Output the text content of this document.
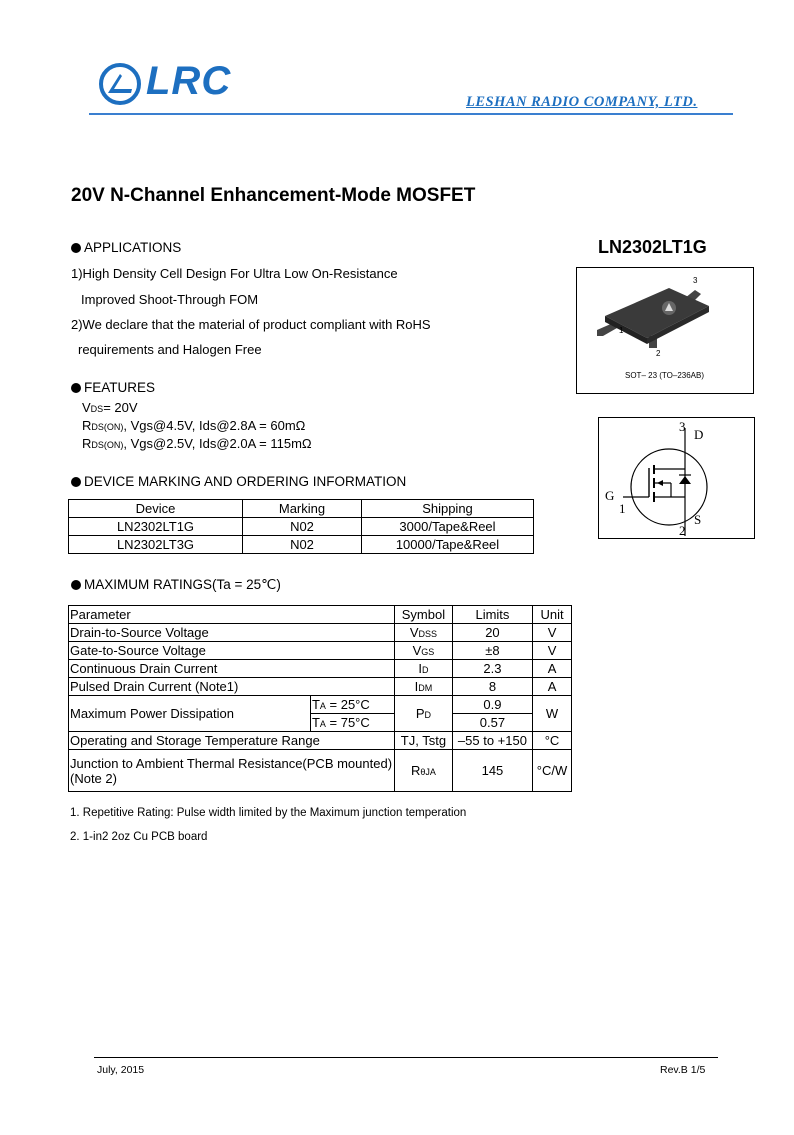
LRC	LESHAN RADIO COMPANY, LTD.
20V N-Channel Enhancement-Mode MOSFET
LN2302LT1G
APPLICATIONS
1)High Density Cell Design For Ultra Low On-Resistance
Improved Shoot-Through FOM
2)We declare that the material of product compliant with RoHS
requirements and Halogen Free
FEATURES
VDS= 20V
RDS(ON), Vgs@4.5V, Ids@2.8A = 60mΩ
RDS(ON), Vgs@2.5V, Ids@2.0A = 115mΩ
3
1
2
SOT– 23 (TO–236AB)
3
D
G
1
S
2
DEVICE MARKING AND ORDERING INFORMATION
Device	Marking	Shipping
LN2302LT1G	N02	3000/Tape&Reel
LN2302LT3G	N02	10000/Tape&Reel
MAXIMUM RATINGS(Ta = 25℃)
Parameter		Symbol	Limits	Unit
Drain-to-Source Voltage		VDSS	20	V
Gate-to-Source Voltage		VGS	±8	V
Continuous Drain Current		ID	2.3	A
Pulsed Drain Current (Note1)		IDM	8	A
Maximum Power Dissipation	TA = 25°C	PD	0.9	W
	TA = 75°C		0.57	
Operating and Storage Temperature Range		TJ, Tstg	–55 to +150	°C
Junction to Ambient Thermal Resistance(PCB mounted)(Note 2)		RθJA	145	°C/W
1. Repetitive Rating: Pulse width limited by the Maximum junction temperation
2. 1-in2 2oz Cu PCB board
July, 2015	Rev.B 1/5
